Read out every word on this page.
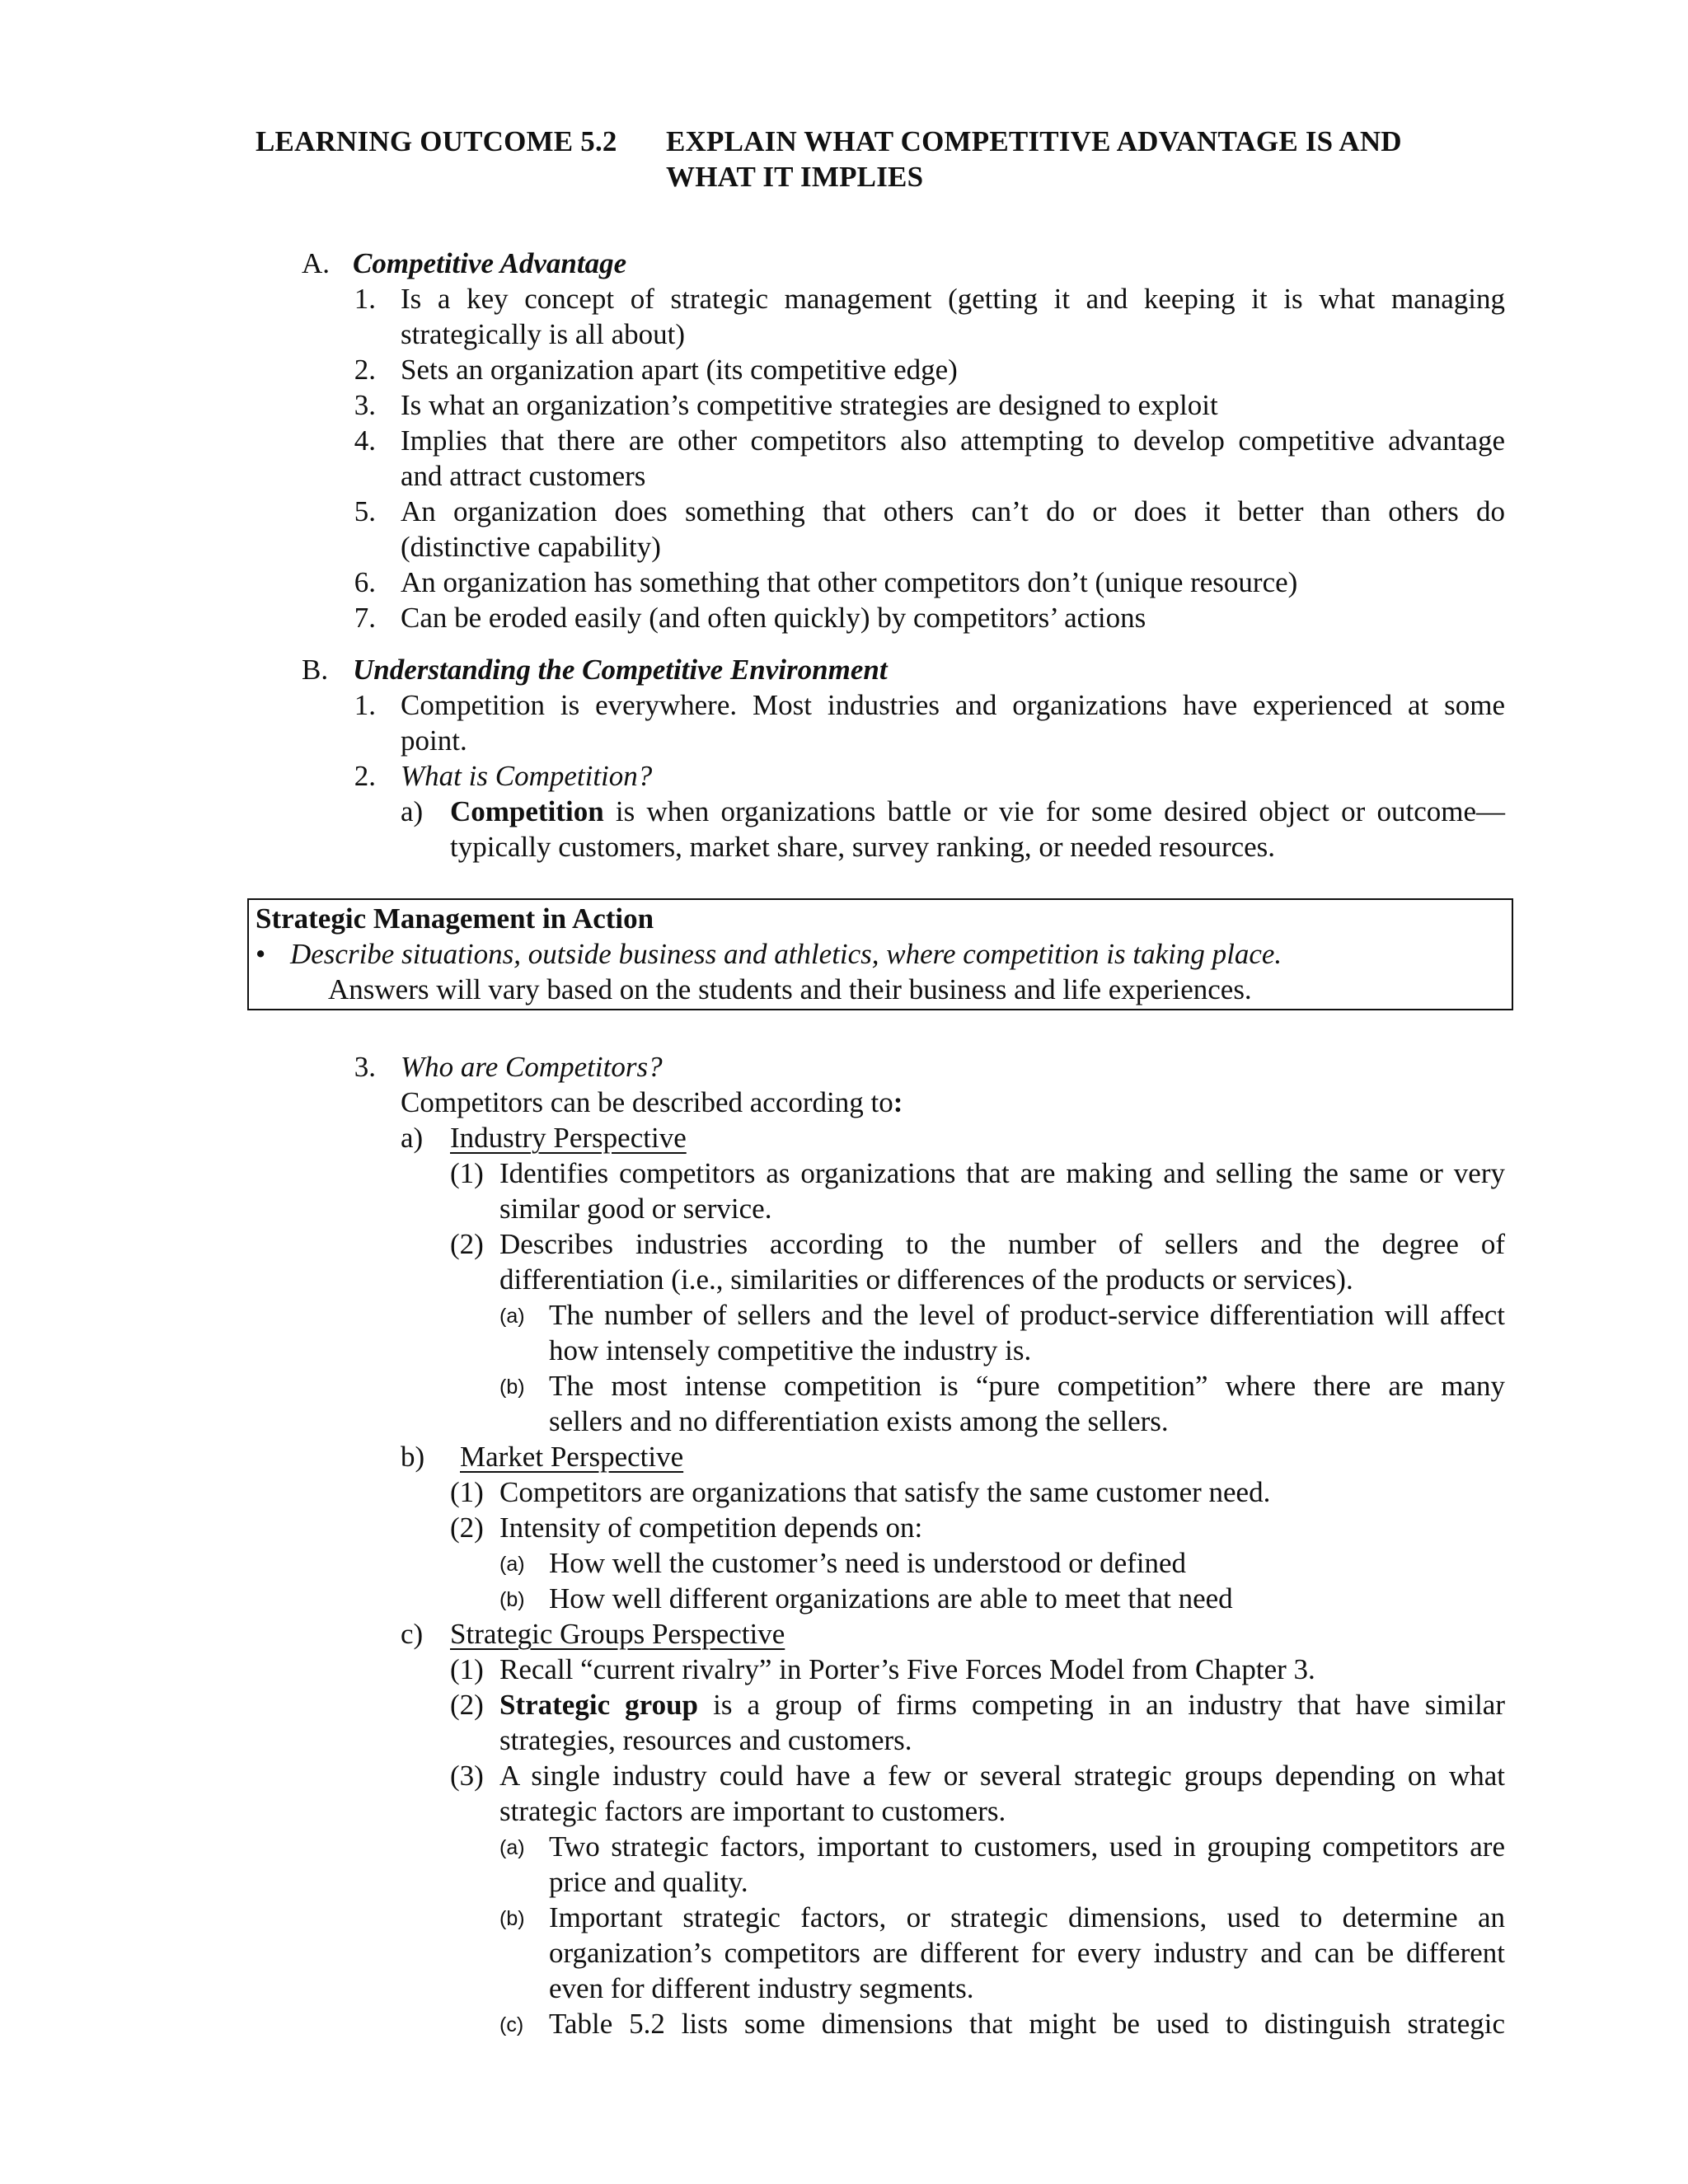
LEARNING OUTCOME 5.2 EXPLAIN WHAT COMPETITIVE ADVANTAGE IS AND
WHAT IT IMPLIES
A. Competitive Advantage
1. Is a key concept of strategic management (getting it and keeping it is what managing
strategically is all about)
2. Sets an organization apart (its competitive edge)
3. Is what an organization’s competitive strategies are designed to exploit
4. Implies that there are other competitors also attempting to develop competitive advantage
and attract customers
5. An organization does something that others can’t do or does it better than others do
(distinctive capability)
6. An organization has something that other competitors don’t (unique resource)
7. Can be eroded easily (and often quickly) by competitors’ actions
B. Understanding the Competitive Environment
1. Competition is everywhere. Most industries and organizations have experienced at some
point.
2. What is Competition?
a) Competition is when organizations battle or vie for some desired object or outcome—
typically customers, market share, survey ranking, or needed resources.
Strategic Management in Action
• Describe situations, outside business and athletics, where competition is taking place.
Answers will vary based on the students and their business and life experiences.
3. Who are Competitors?
Competitors can be described according to:
a) Industry Perspective
(1) Identifies competitors as organizations that are making and selling the same or very
similar good or service.
(2) Describes industries according to the number of sellers and the degree of
differentiation (i.e., similarities or differences of the products or services).
(a) The number of sellers and the level of product-service differentiation will affect
how intensely competitive the industry is.
(b) The most intense competition is “pure competition” where there are many
sellers and no differentiation exists among the sellers.
b) Market Perspective
(1) Competitors are organizations that satisfy the same customer need.
(2) Intensity of competition depends on:
(a) How well the customer’s need is understood or defined
(b) How well different organizations are able to meet that need
c) Strategic Groups Perspective
(1) Recall “current rivalry” in Porter’s Five Forces Model from Chapter 3.
(2) Strategic group is a group of firms competing in an industry that have similar
strategies, resources and customers.
(3) A single industry could have a few or several strategic groups depending on what
strategic factors are important to customers.
(a) Two strategic factors, important to customers, used in grouping competitors are
price and quality.
(b) Important strategic factors, or strategic dimensions, used to determine an
organization’s competitors are different for every industry and can be different
even for different industry segments.
(c) Table 5.2 lists some dimensions that might be used to distinguish strategic
